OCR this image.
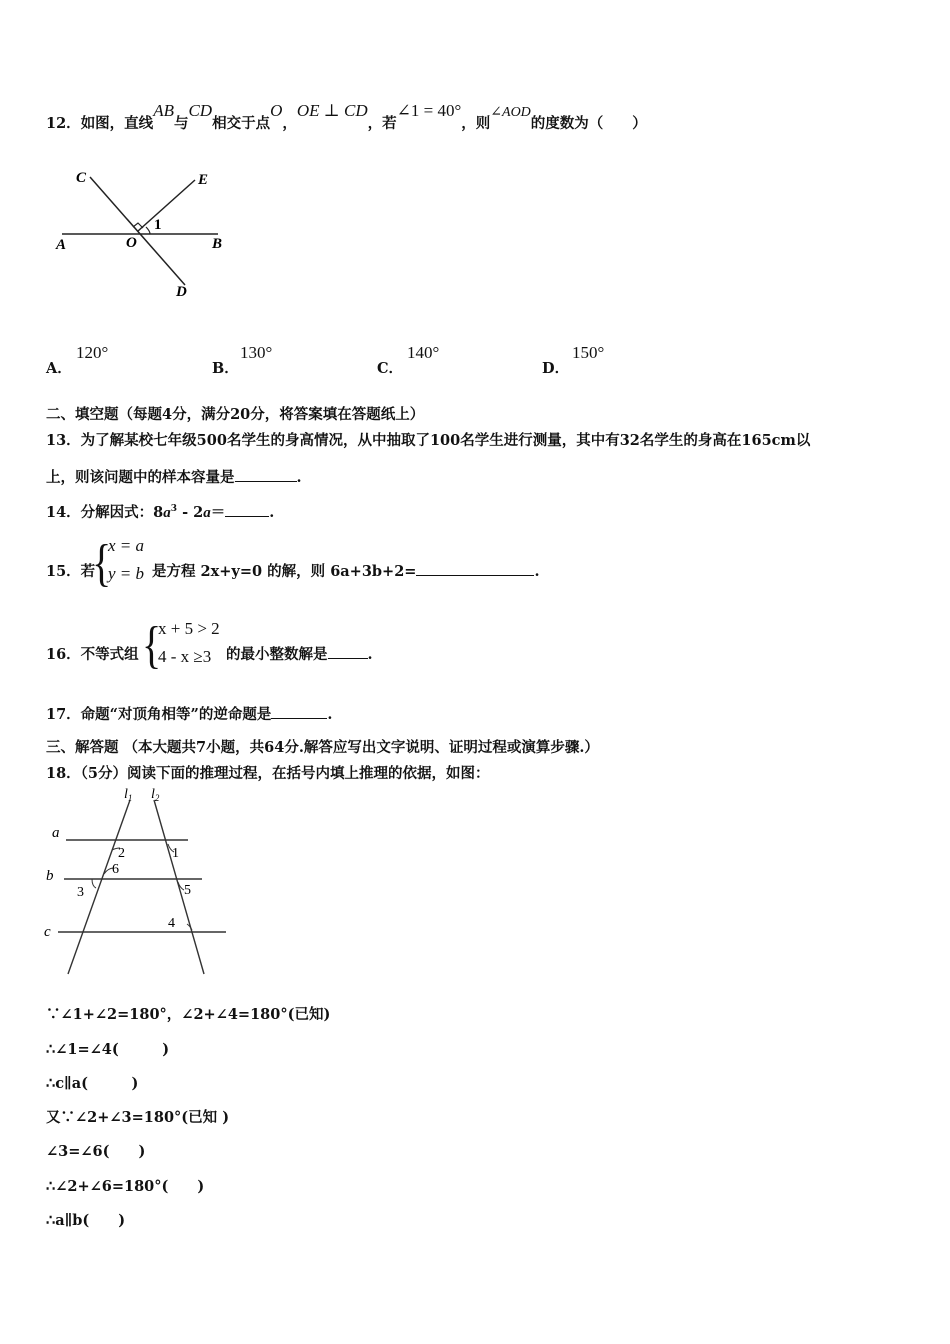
12．如图，直线AB与CD相交于点O，OE ⊥ CD，若∠1 = 40°，则∠AOD的度数为（　　）
C	E
A	O	B
D
1
A．
120°
B．
130°
C．
140°
D．
150°
二、填空题（每题4分，满分20分，将答案填在答题纸上）
13．为了解某校七年级500名学生的身高情况，从中抽取了100名学生进行测量，其中有32名学生的身高在165cm以
上，则该问题中的样本容量是	.
14．分解因式：$8a^3 - 2a=$	.
15．若
{
x = a
y = b 是方程 2x+y=0 的解，则 6a+3b+2=	.
16．不等式组 {
x + 5 > 2
4 - x ≥3 的最小整数解是	.
17．命题“对顶角相等”的逆命题是	.
三、解答题 （本大题共7小题，共64分.解答应写出文字说明、证明过程或演算步骤.）
18．（5分）阅读下面的推理过程，在括号内填上推理的依据，如图：
$l_1$ $l_2$
a
b
c
2	1
6
3	5
4
∵∠1+∠2=180°，∠2+∠4=180°(已知)
∴∠1=∠4(　　　)
∴c∥a(　　　)
又∵∠2+∠3=180°(已知 )
∠3=∠6(　　)
∴∠2+∠6=180°(　　)
∴a∥b(　　)
